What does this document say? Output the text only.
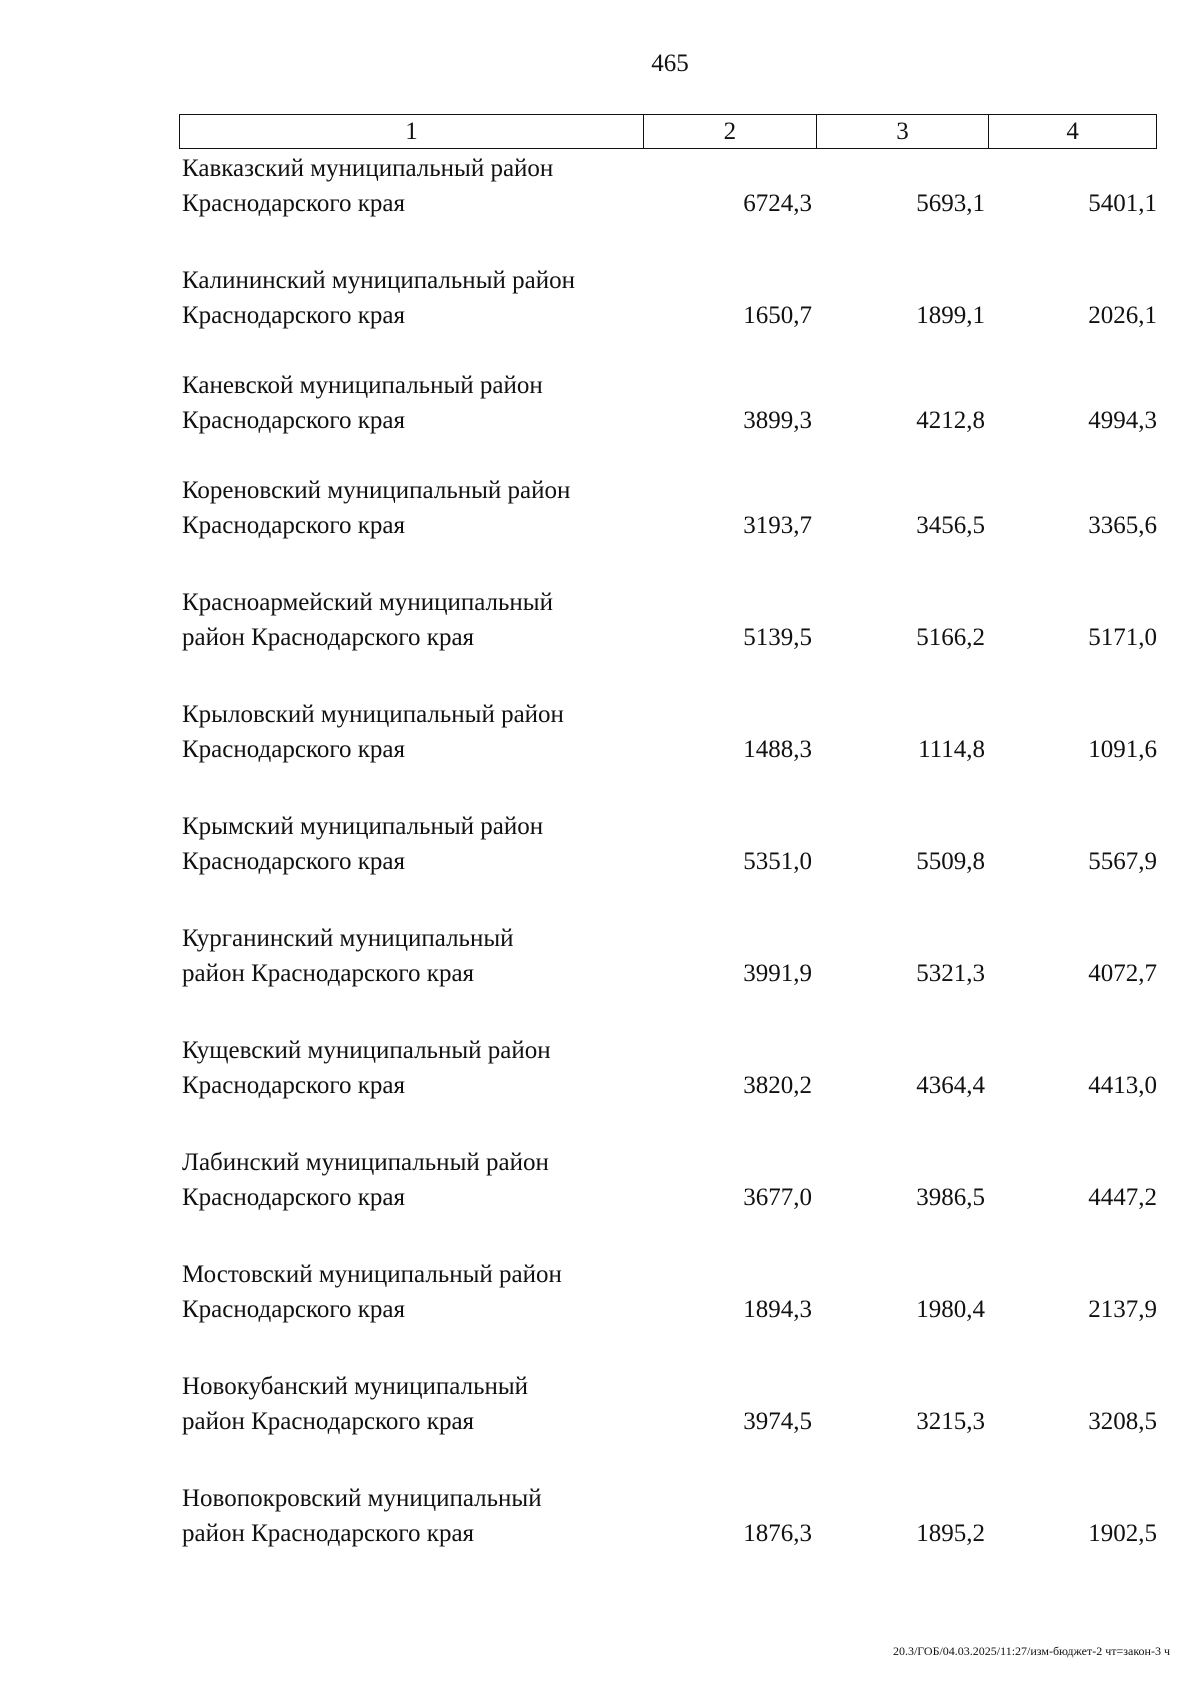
465
1	2	3	4
Кавказский муниципальный район
Краснодарского края	6724,3	5693,1	5401,1
Калининский муниципальный район
Краснодарского края	1650,7	1899,1	2026,1
Каневской муниципальный район
Краснодарского края	3899,3	4212,8	4994,3
Кореновский муниципальный район
Краснодарского края	3193,7	3456,5	3365,6
Красноармейский муниципальный
район Краснодарского края	5139,5	5166,2	5171,0
Крыловский муниципальный район
Краснодарского края	1488,3	1114,8	1091,6
Крымский муниципальный район
Краснодарского края	5351,0	5509,8	5567,9
Курганинский муниципальный
район Краснодарского края	3991,9	5321,3	4072,7
Кущевский муниципальный район
Краснодарского края	3820,2	4364,4	4413,0
Лабинский муниципальный район
Краснодарского края	3677,0	3986,5	4447,2
Мостовский муниципальный район
Краснодарского края	1894,3	1980,4	2137,9
Новокубанский муниципальный
район Краснодарского края	3974,5	3215,3	3208,5
Новопокровский муниципальный
район Краснодарского края	1876,3	1895,2	1902,5
20.3/ГОБ/04.03.2025/11:27/изм-бюджет-2 чт=закон-3 ч
